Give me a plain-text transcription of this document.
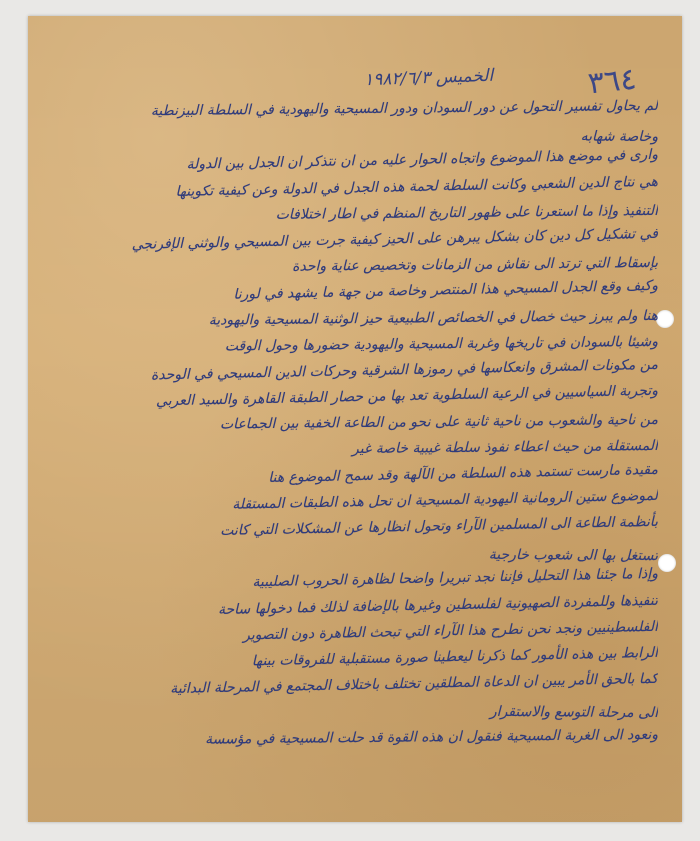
٣٦٤
الخميس ١٩٨٢/٦/٣
لم يحاول تفسير التحول عن دور السودان ودور المسيحية واليهودية في السلطة البيزنطية
وخاصة شهابه
وارى في موضع هذا الموضوع واتجاه الحوار عليه من ان نتذكر ان الجدل بين الدولة
هي نتاج الدين الشعبي وكانت السلطة لحمة هذه الجدل في الدولة وعن كيفية تكوينها
التنفيذ وإذا ما استعرنا على ظهور التاريخ المنظم في اطار اختلافات
في تشكيل كل دين كان بشكل يبرهن على الحيز كيفية جرت بين المسيحي والوثني الإفرنجي
بإسقاط التي ترتد الى نقاش من الزمانات وتخصيص عناية واحدة
وكيف وقع الجدل المسيحي هذا المنتصر وخاصة من جهة ما يشهد في لورنا
هنا ولم يبرز حيث خصال في الخصائص الطبيعية حيز الوثنية المسيحية واليهودية
وشيئا بالسودان في تاريخها وغربة المسيحية واليهودية حضورها وحول الوقت
من مكونات المشرق وانعكاسها في رموزها الشرقية وحركات الدين المسيحي في الوحدة
وتجربة السياسيين في الرعية السلطوية تعد بها من حصار الطبقة القاهرة والسيد العربي
من ناحية والشعوب من ناحية ثانية على نحو من الطاعة الخفية بين الجماعات
المستقلة من حيث اعطاء نفوذ سلطة غيبية خاصة غير
مقيدة مارست تستمد هذه السلطة من الآلهة وقد سمح الموضوع هنا
لموضوع ستين الرومانية اليهودية المسيحية ان تحل هذه الطبقات المستقلة
بأنظمة الطاعة الى المسلمين الآراء وتحول انظارها عن المشكلات التي كانت
تستغل بها الى شعوب خارجية
وإذا ما جئنا هذا التحليل فإننا نجد تبريرا واضحا لظاهرة الحروب الصليبية
تنفيذها وللمفردة الصهيونية لفلسطين وغيرها بالإضافة لذلك فما دخولها ساحة
الفلسطينيين ونجد نحن نطرح هذا الآراء التي تبحث الظاهرة دون التصوير
الرابط بين هذه الأمور كما ذكرنا ليعطينا صورة مستقبلية للفروقات بينها
كما بالحق الأمر يبين ان الدعاة المطلقين تختلف باختلاف المجتمع في المرحلة البدائية
الى مرحلة التوسع والاستقرار
ونعود الى الغربة المسيحية فنقول ان هذه القوة قد حلت المسيحية في مؤسسة
